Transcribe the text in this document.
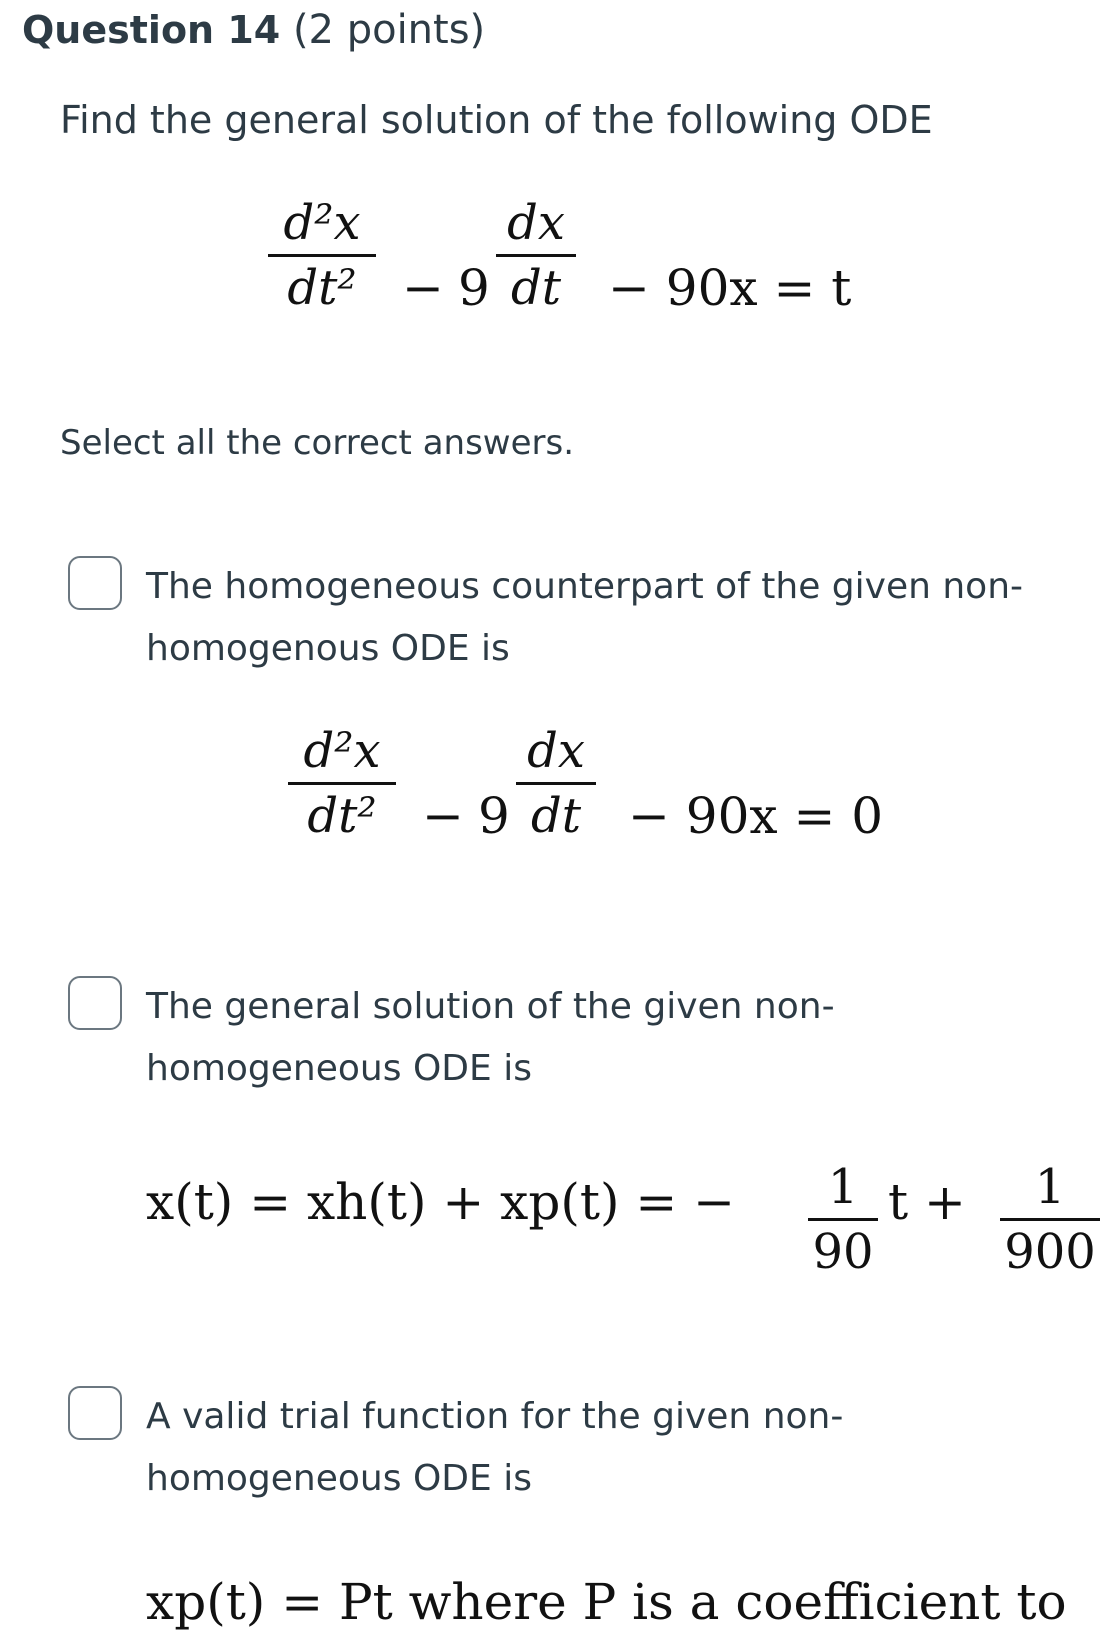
Question 14 (2 points)
Find the general solution of the following ODE
d²x
dt² − 9
dx
dt − 90x = t
Select all the correct answers.
The homogeneous counterpart of the given non-homogenous ODE is
d²x
dt² − 9
dx
dt − 90x = 0
The general solution of the given non-homogeneous ODE is
x(t) = xh(t) + xp(t) = −	1
90
t +	1
900
A valid trial function for the given non-homogeneous ODE is
xp(t) = Pt where P is a coefficient to
